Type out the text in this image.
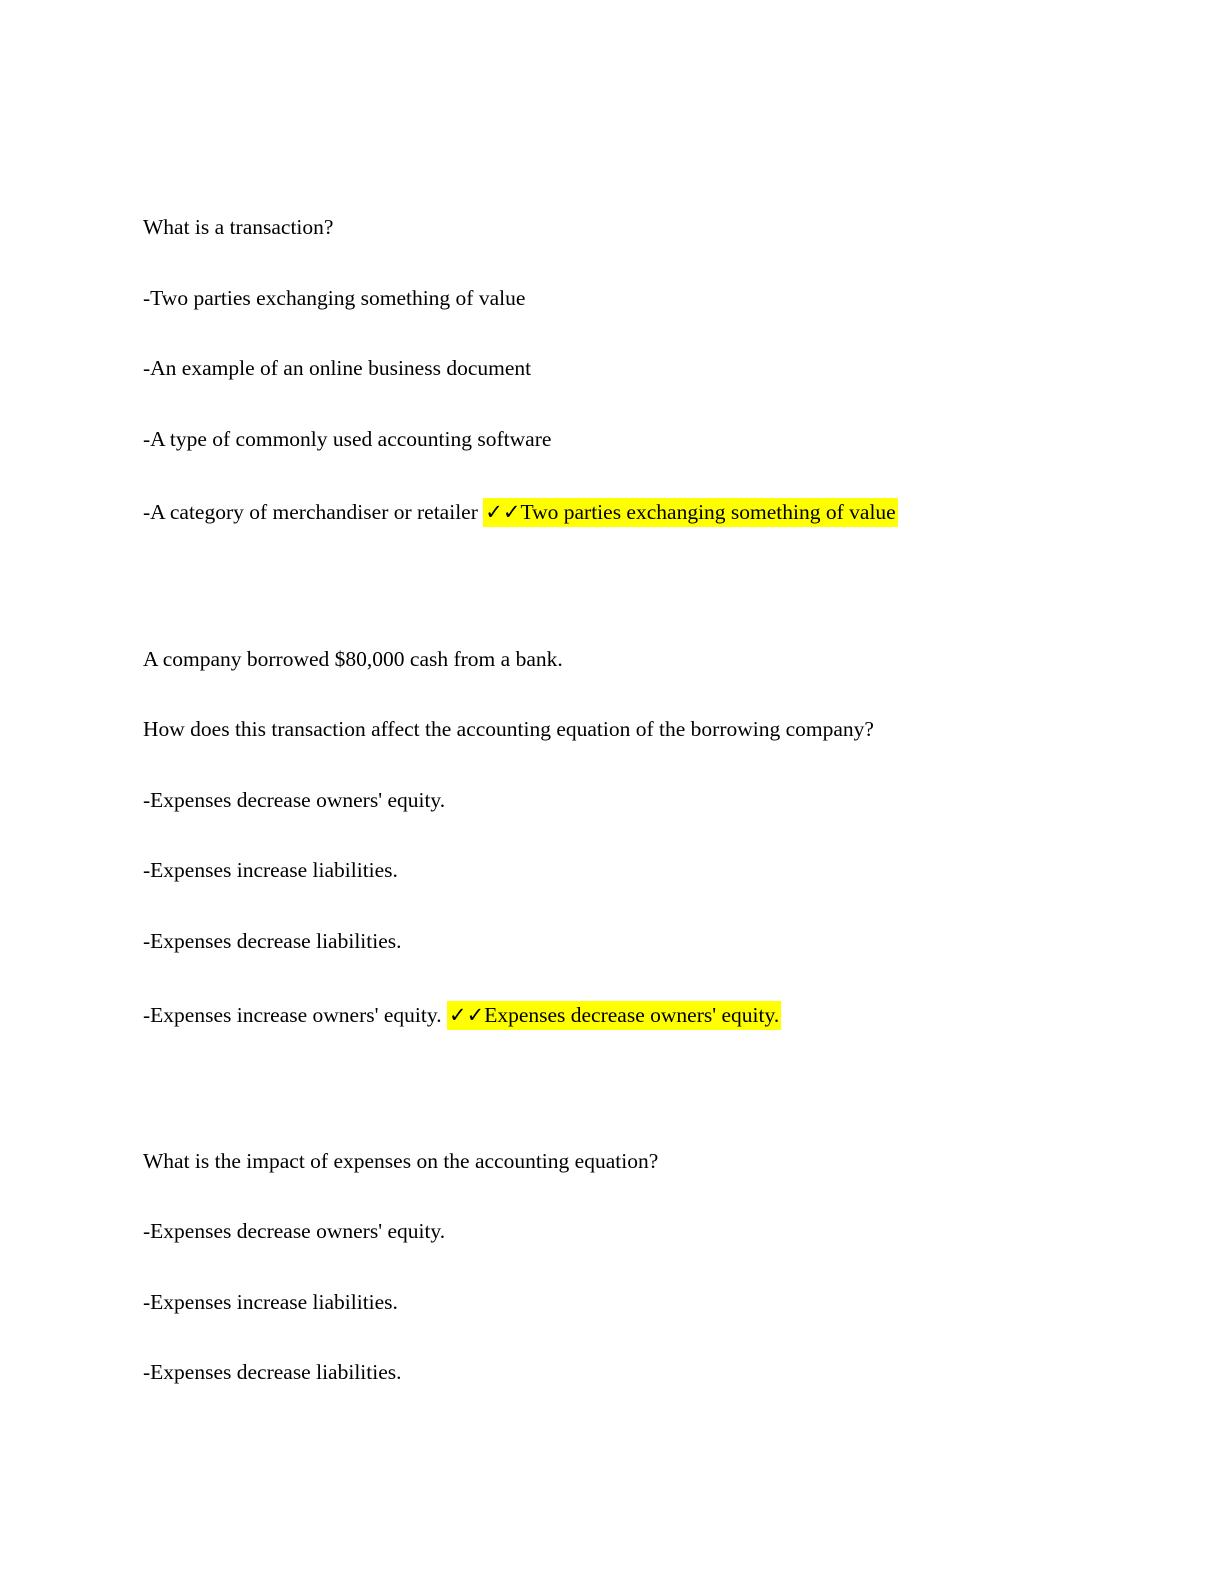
What is a transaction?
-Two parties exchanging something of value
-An example of an online business document
-A type of commonly used accounting software
-A category of merchandiser or retailer ✓✓Two parties exchanging something of value
A company borrowed $80,000 cash from a bank.
How does this transaction affect the accounting equation of the borrowing company?
-Expenses decrease owners' equity.
-Expenses increase liabilities.
-Expenses decrease liabilities.
-Expenses increase owners' equity. ✓✓Expenses decrease owners' equity.
What is the impact of expenses on the accounting equation?
-Expenses decrease owners' equity.
-Expenses increase liabilities.
-Expenses decrease liabilities.
